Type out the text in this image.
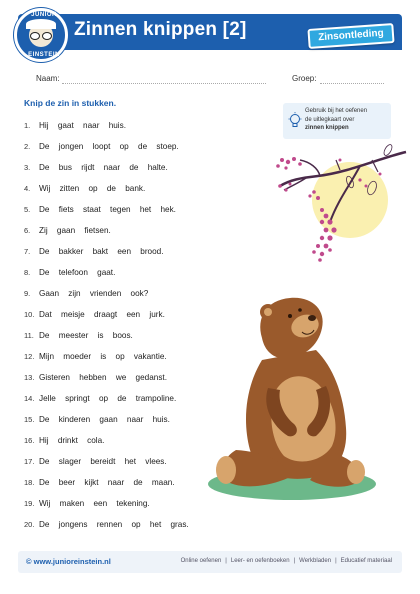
JUNIOR
EINSTEIN
Zinnen knippen [2]	Zinsontleding
Naam:	Groep:
Knip de zin in stukken.
1.	Hij gaat naar huis.
2.	De jongen loopt op de stoep.
3.	De bus rijdt naar de halte.
4.	Wij zitten op de bank.
5.	De fiets staat tegen het hek.
6.	Zij gaan fietsen.
7.	De bakker bakt een brood.
8.	De telefoon gaat.
9.	Gaan zijn vrienden ook?
10. Dat meisje draagt een jurk.
11. De meester is boos.
12. Mijn moeder is op vakantie.
13. Gisteren hebben we gedanst.
14. Jelle springt op de trampoline.
15. De kinderen gaan naar huis.
16. Hij drinkt cola.
17. De slager bereidt het vlees.
18. De beer kijkt naar de maan.
19. Wij maken een tekening.
20. De jongens rennen op het gras.
Gebruik bij het oefenen
de uitlegkaart over
zinnen knippen
© www.junioreinstein.nl	Online oefenen | Leer- en oefenboeken | Werkbladen | Educatief materiaal
